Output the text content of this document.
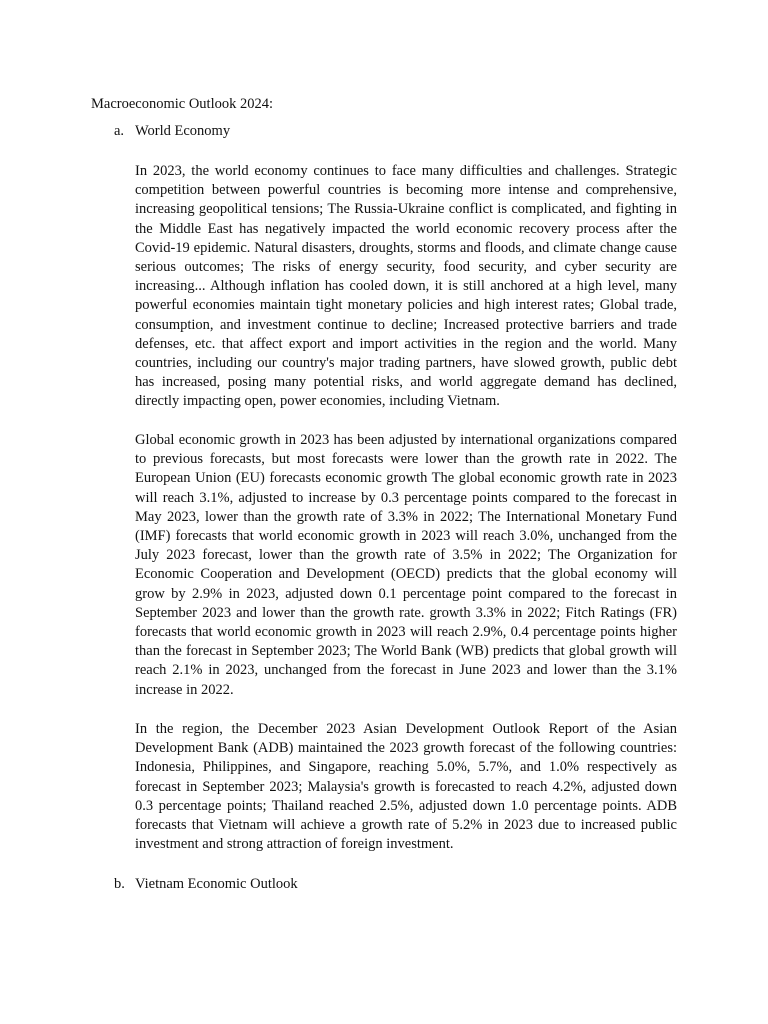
Macroeconomic Outlook 2024:
a. World Economy

In 2023, the world economy continues to face many difficulties and challenges. Strategic competition between powerful countries is becoming more intense and comprehensive, increasing geopolitical tensions; The Russia-Ukraine conflict is complicated, and fighting in the Middle East has negatively impacted the world economic recovery process after the Covid-19 epidemic. Natural disasters, droughts, storms and floods, and climate change cause serious outcomes; The risks of energy security, food security, and cyber security are increasing... Although inflation has cooled down, it is still anchored at a high level, many powerful economies maintain tight monetary policies and high interest rates; Global trade, consumption, and investment continue to decline; Increased protective barriers and trade defenses, etc. that affect export and import activities in the region and the world. Many countries, including our country's major trading partners, have slowed growth, public debt has increased, posing many potential risks, and world aggregate demand has declined, directly impacting open, power economies, including Vietnam.

Global economic growth in 2023 has been adjusted by international organizations compared to previous forecasts, but most forecasts were lower than the growth rate in 2022. The European Union (EU) forecasts economic growth The global economic growth rate in 2023 will reach 3.1%, adjusted to increase by 0.3 percentage points compared to the forecast in May 2023, lower than the growth rate of 3.3% in 2022; The International Monetary Fund (IMF) forecasts that world economic growth in 2023 will reach 3.0%, unchanged from the July 2023 forecast, lower than the growth rate of 3.5% in 2022; The Organization for Economic Cooperation and Development (OECD) predicts that the global economy will grow by 2.9% in 2023, adjusted down 0.1 percentage point compared to the forecast in September 2023 and lower than the growth rate. growth 3.3% in 2022; Fitch Ratings (FR) forecasts that world economic growth in 2023 will reach 2.9%, 0.4 percentage points higher than the forecast in September 2023; The World Bank (WB) predicts that global growth will reach 2.1% in 2023, unchanged from the forecast in June 2023 and lower than the 3.1% increase in 2022.

In the region, the December 2023 Asian Development Outlook Report of the Asian Development Bank (ADB) maintained the 2023 growth forecast of the following countries: Indonesia, Philippines, and Singapore, reaching 5.0%, 5.7%, and 1.0% respectively as forecast in September 2023; Malaysia's growth is forecasted to reach 4.2%, adjusted down 0.3 percentage points; Thailand reached 2.5%, adjusted down 1.0 percentage points. ADB forecasts that Vietnam will achieve a growth rate of 5.2% in 2023 due to increased public investment and strong attraction of foreign investment.

b. Vietnam Economic Outlook
